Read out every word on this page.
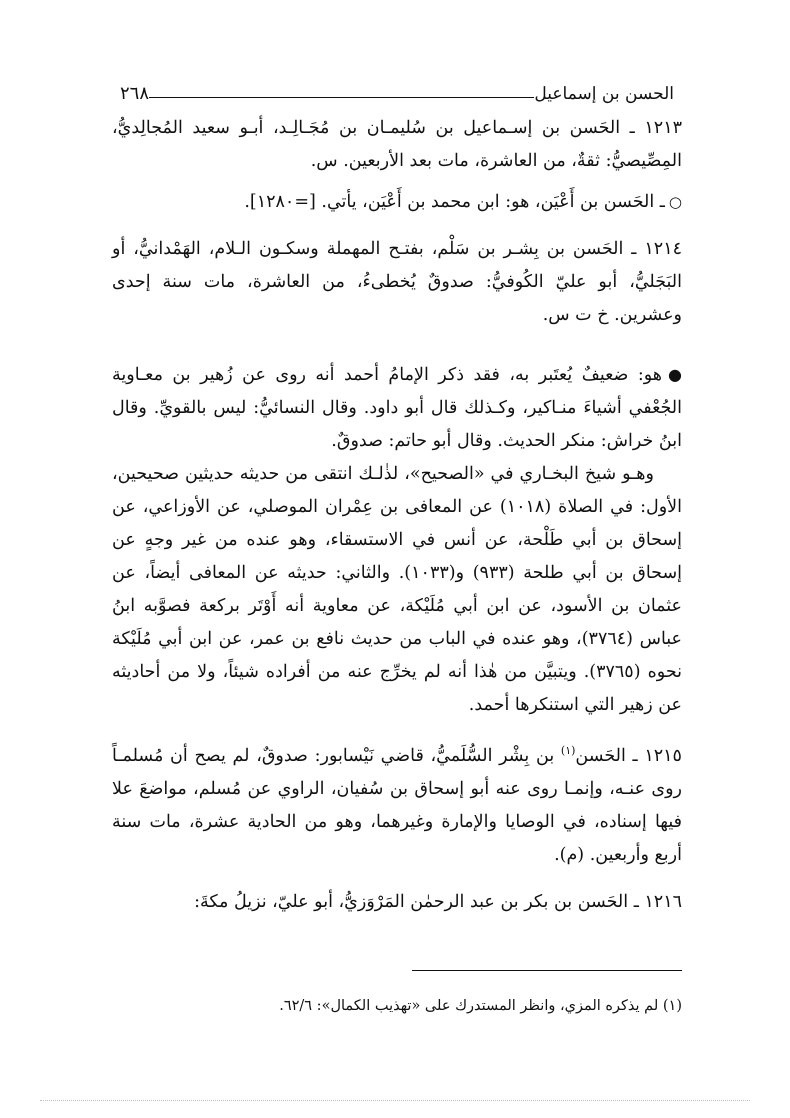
الحسن بن إسماعيل
٢٦٨

١٢١٣ ـ الحَسن بن إسـماعيل بن سُليمـان بن مُجَـالِـد، أبـو سعيد المُجالِديُّ، المِصِّيصيُّ: ثقةٌ، من العاشرة، مات بعد الأربعين. س.

○ـ الحَسن بن أَعْيَن، هو: ابن محمد بن أَعْيَن، يأتي. [=١٢٨٠].

١٢١٤ ـ الحَسن بن بِشـر بن سَلْم، بفتـح المهملة وسكـون الـلام، الهَمْدانيُّ، أو البَجَليُّ، أبو عليّ الكُوفيُّ: صدوقٌ يُخطىءُ، من العاشرة، مات سنة إحدى وعشرين. خ ت س.

●هو: ضعيفٌ يُعتَبر به، فقد ذكر الإمامُ أحمد أنه روى عن زُهير بن معـاوية الجُعْفي أشياءَ منـاكير، وكـذلك قال أبو داود. وقال النسائيُّ: ليس بالقويِّ. وقال ابنُ خراش: منكر الحديث. وقال أبو حاتم: صدوقٌ.

وهـو شيخ البخـاري في «الصحيح»، لذٰلـك انتقى من حديثه حديثين صحيحين، الأول: في الصلاة (١٠١٨) عن المعافى بن عِمْران الموصلي، عن الأوزاعي، عن إسحاق بن أبي طَلْحة، عن أنس في الاستسقاء، وهو عنده من غير وجهٍ عن إسحاق بن أبي طلحة (٩٣٣) و(١٠٣٣). والثاني: حديثه عن المعافى أيضاً، عن عثمان بن الأسود، عن ابن أبي مُلَيْكة، عن معاوية أنه أَوْتَر بركعة فصوَّبه ابنُ عباس (٣٧٦٤)، وهو عنده في الباب من حديث نافع بن عمر، عن ابن أبي مُلَيْكة نحوه (٣٧٦٥). ويتبيَّن من هٰذا أنه لم يخرِّج عنه من أفراده شيئاً، ولا من أحاديثه عن زهير التي استنكرها أحمد.

١٢١٥ ـ الحَسن$^{(١)}$ بن بِشْر السُّلَميُّ، قاضي نَيْسابور: صدوقٌ، لم يصح أن مُسلمـاً روى عنـه، وإنمـا روى عنه أبو إسحاق بن سُفيان، الراوي عن مُسلم، مواضعَ علا فيها إسناده، في الوصايا والإمارة وغيرهما، وهو من الحادية عشرة، مات سنة أربع وأربعين. (م).

١٢١٦ ـ الحَسن بن بكر بن عبد الرحمٰن المَرْوَزيُّ، أبو عليّ، نزيلُ مكةَ:

(١) لم يذكره المزي، وانظر المستدرك على «تهذيب الكمال»: ٦٢/٦.
